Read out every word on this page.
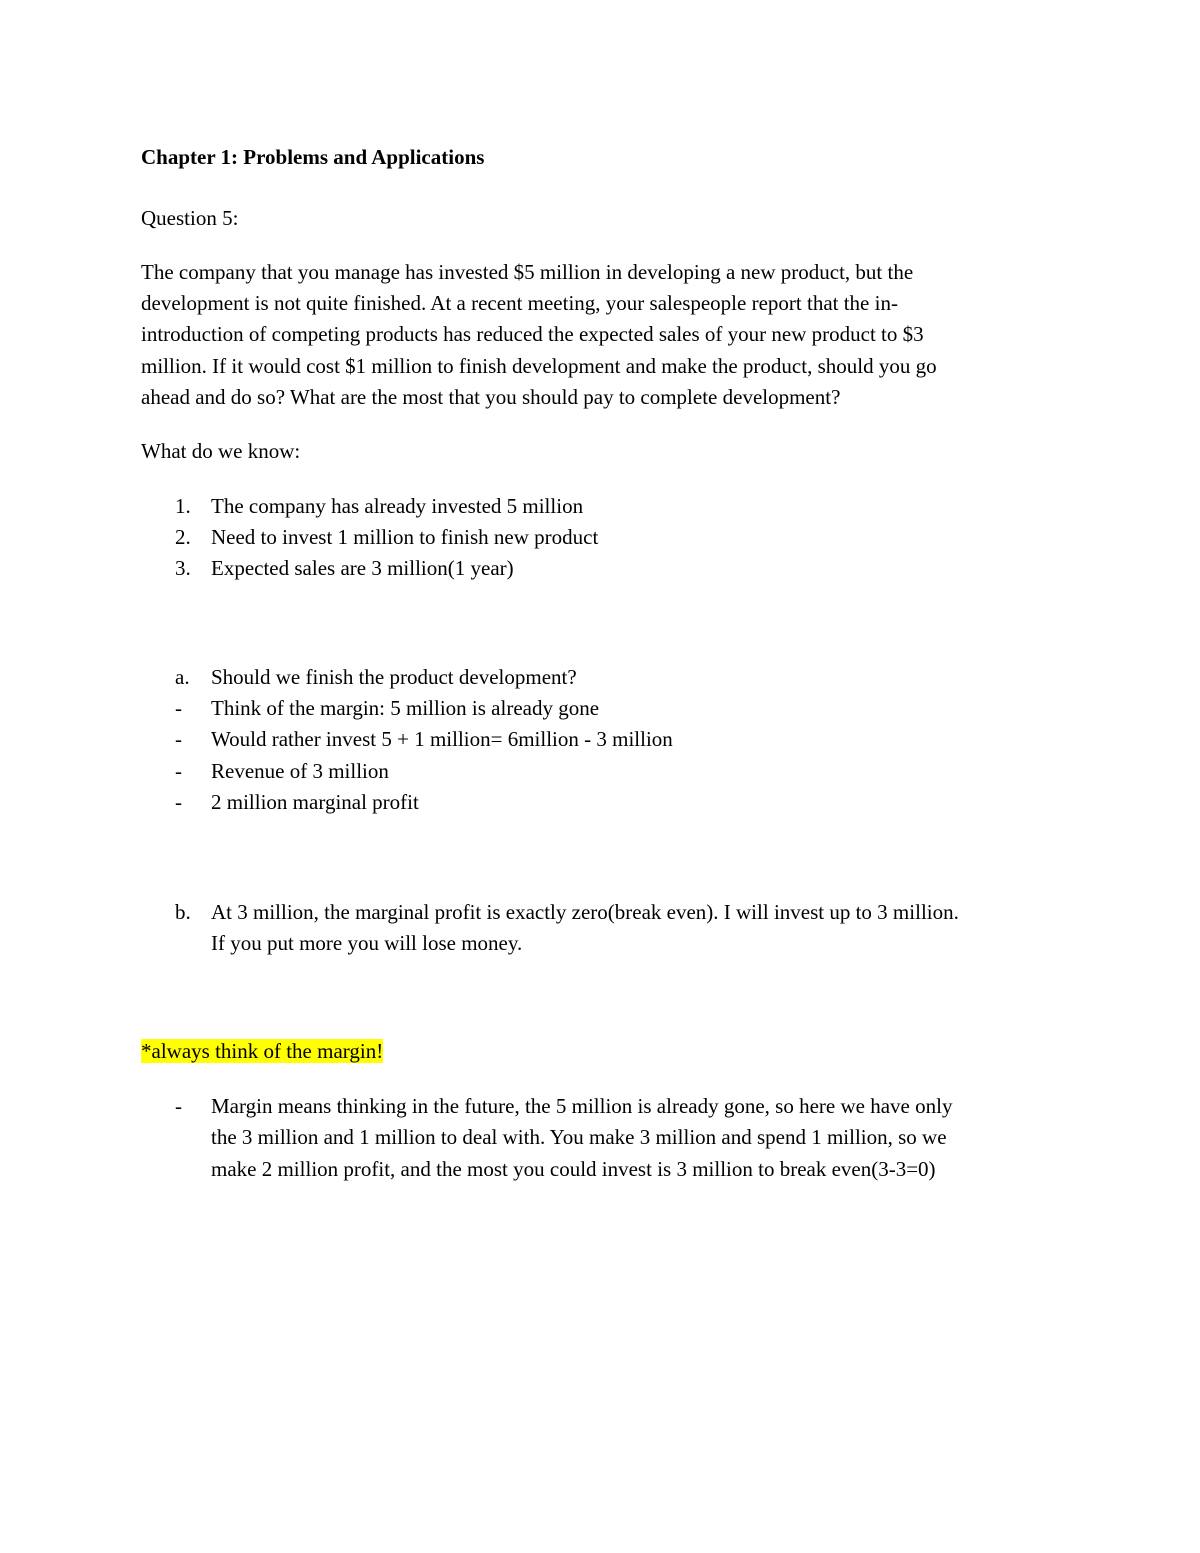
Chapter 1: Problems and Applications
Question 5:
The company that you manage has invested $5 million in developing a new product, but the
development is not quite finished. At a recent meeting, your salespeople report that the in-
introduction of competing products has reduced the expected sales of your new product to $3
million. If it would cost $1 million to finish development and make the product, should you go
ahead and do so? What are the most that you should pay to complete development?
What do we know:
1. The company has already invested 5 million
2. Need to invest 1 million to finish new product
3. Expected sales are 3 million(1 year)
a. Should we finish the product development?
- Think of the margin: 5 million is already gone
- Would rather invest 5 + 1 million= 6million - 3 million
- Revenue of 3 million
- 2 million marginal profit
b. At 3 million, the marginal profit is exactly zero(break even). I will invest up to 3 million.
If you put more you will lose money.
*always think of the margin!
- Margin means thinking in the future, the 5 million is already gone, so here we have only
the 3 million and 1 million to deal with. You make 3 million and spend 1 million, so we
make 2 million profit, and the most you could invest is 3 million to break even(3-3=0)
